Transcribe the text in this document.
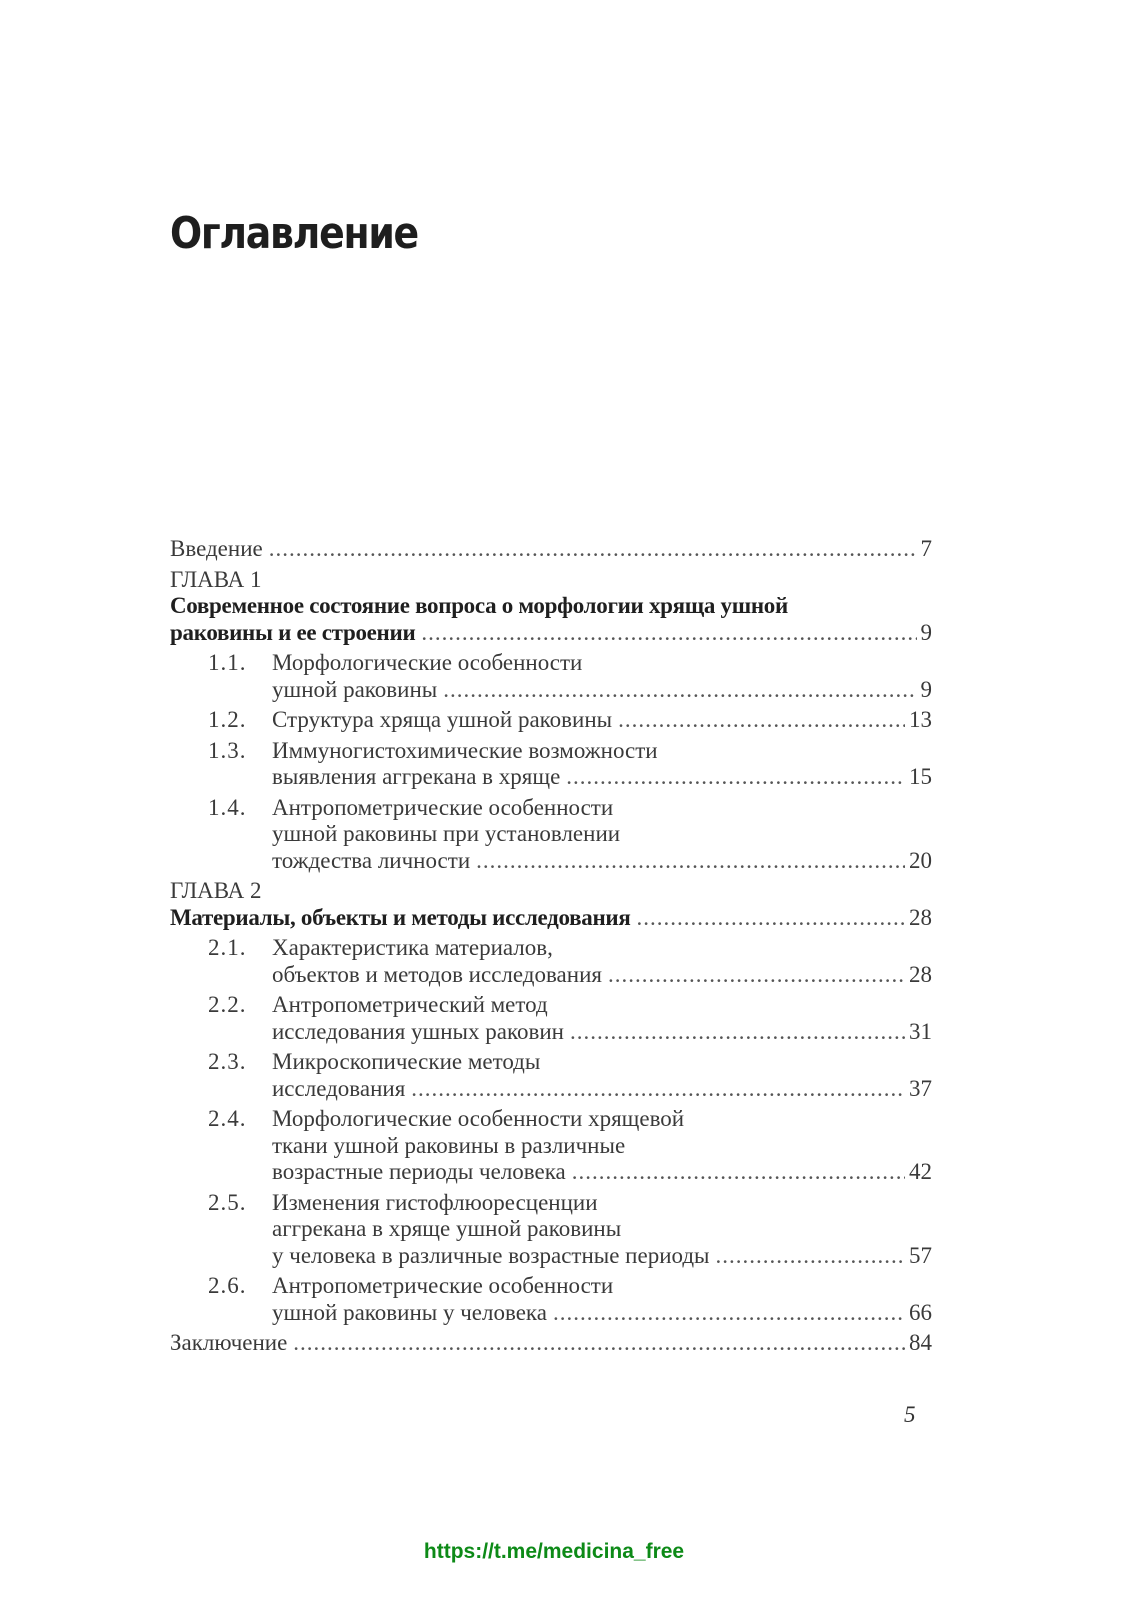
Оглавление
Введение .....	7
ГЛАВА 1
Современное состояние вопроса о морфологии хряща ушной
раковины и ее строении .....	9
1.1.	Морфологические особенности
ушной раковины .....	9
1.2.	Структура хряща ушной раковины .....	13
1.3.	Иммуногистохимические возможности
выявления аггрекана в хряще .....	15
1.4.	Антропометрические особенности
ушной раковины при установлении
тождества личности .....	20
ГЛАВА 2
Материалы, объекты и методы исследования .....	28
2.1.	Характеристика материалов,
объектов и методов исследования .....	28
2.2.	Антропометрический метод
исследования ушных раковин .....	31
2.3.	Микроскопические методы
исследования .....	37
2.4.	Морфологические особенности хрящевой
ткани ушной раковины в различные
возрастные периоды человека .....	42
2.5.	Изменения гистофлюоресценции
аггрекана в хряще ушной раковины
у человека в различные возрастные периоды .....	57
2.6.	Антропометрические особенности
ушной раковины у человека .....	66
Заключение .....	84
5
https://t.me/medicina_free
